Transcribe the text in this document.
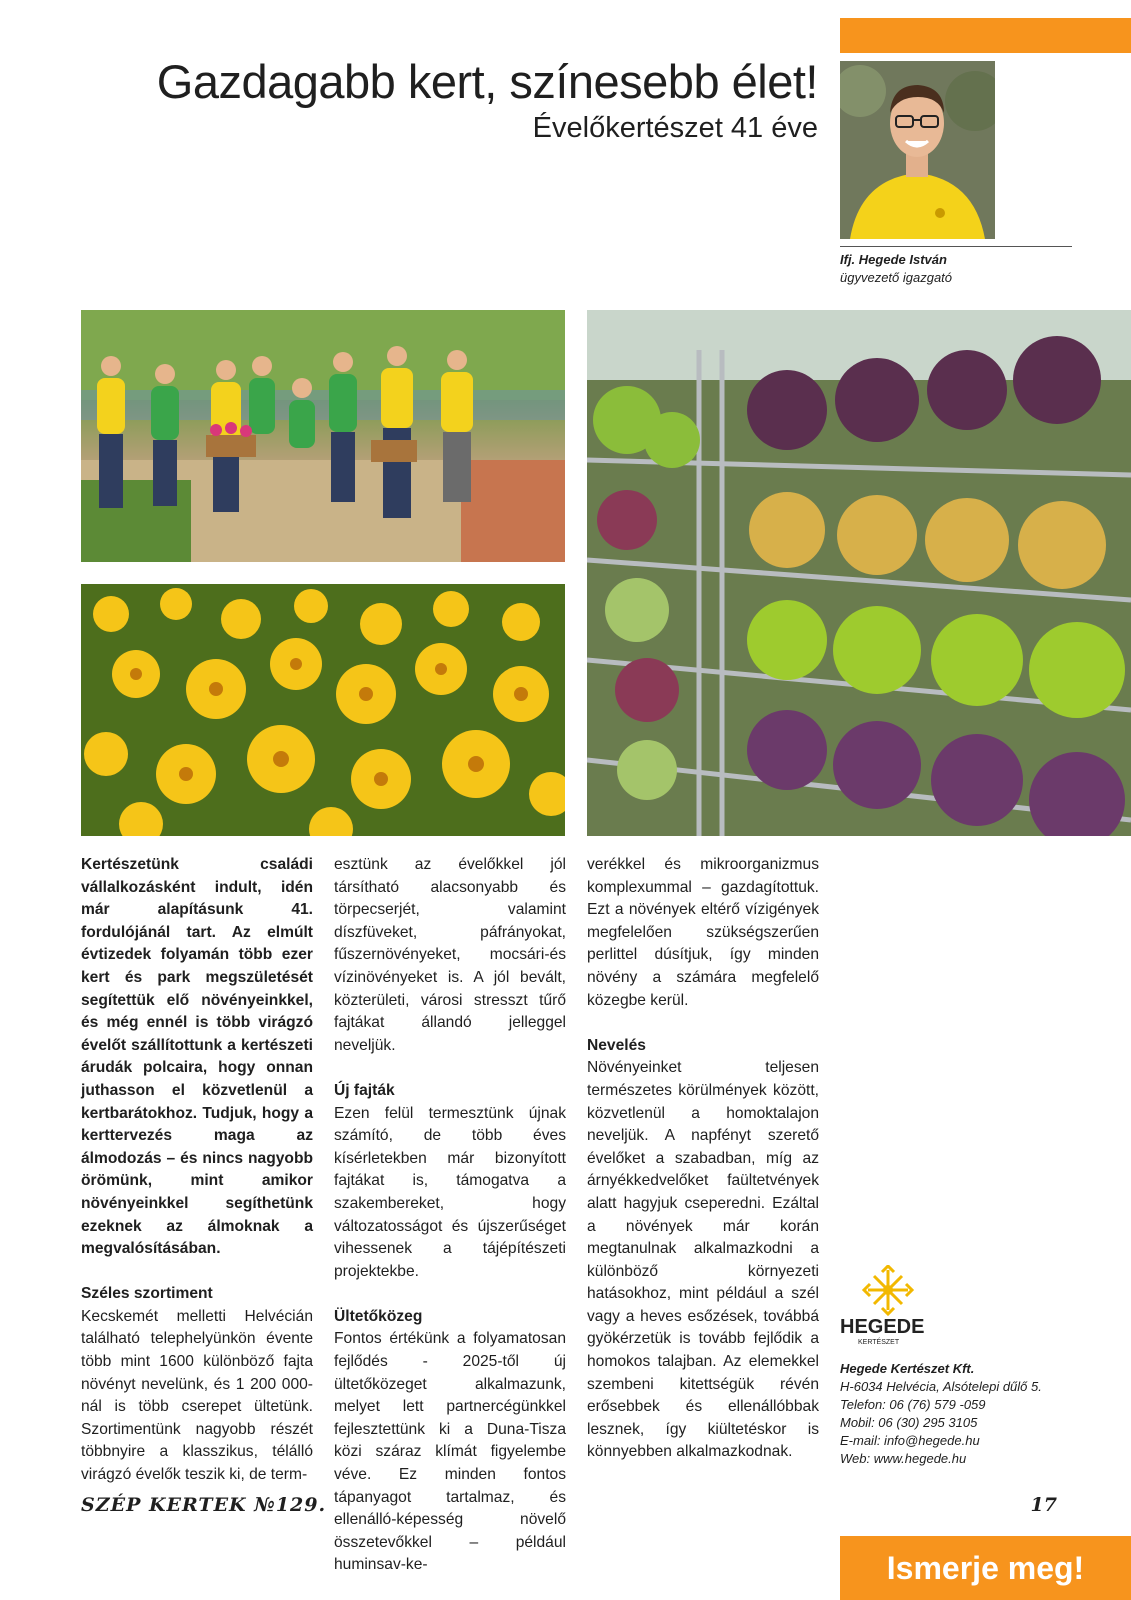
Gazdagabb kert, színesebb élet!
Évelőkertészet 41 éve
Ifj. Hegede István
ügyvezető igazgató

Kertészetünk családi vállalkozásként indult, idén már alapításunk 41. fordulójánál tart. Az elmúlt évtizedek folyamán több ezer kert és park megszületését segítettük elő növényeinkkel, és még ennél is több virágzó évelőt szállítottunk a kertészeti árudák polcaira, hogy onnan juthasson el közvetlenül a kertbarátokhoz. Tudjuk, hogy a kerttervezés maga az álmodozás – és nincs nagyobb örömünk, mint amikor növényeinkkel segíthetünk ezeknek az álmoknak a megvalósításában.

Széles szortiment

Kecskemét melletti Helvécián található telephelyünkön évente több mint 1600 különböző fajta növényt nevelünk, és 1 200 000-nál is több cserepet ültetünk. Szortimentünk nagyobb részét többnyire a klasszikus, télálló virágzó évelők teszik ki, de term-

esztünk az évelőkkel jól társítható alacsonyabb és törpecserjét, valamint díszfüveket, páfrányokat, fűszernövényeket, mocsári-és vízinövényeket is. A jól bevált, közterületi, városi stresszt tűrő fajtákat állandó jelleggel neveljük.

Új fajták

Ezen felül termesztünk újnak számító, de több éves kísérletekben már bizonyított fajtákat is, támogatva a szakembereket, hogy változatosságot és újszerűséget vihessenek a tájépítészeti projektekbe.

Ültetőközeg

Fontos értékünk a folyamatosan fejlődés - 2025-től új ültetőközeget alkalmazunk, melyet lett partnercégünkkel fejlesztettünk ki a Duna-Tisza közi száraz klímát figyelembe véve. Ez minden fontos tápanyagot tartalmaz, és ellenálló-képesség növelő összetevőkkel – például huminsav-ke-

verékkel és mikroorganizmus komplexummal – gazdagítottuk. Ezt a növények eltérő vízigények megfelelően szükségszerűen perlittel dúsítjuk, így minden növény a számára megfelelő közegbe kerül.

Nevelés

Növényeinket teljesen természetes körülmények között, közvetlenül a homoktalajon neveljük. A napfényt szerető évelőket a szabadban, míg az árnyékkedvelőket faültetvények alatt hagyjuk cseperedni. Ezáltal a növények már korán megtanulnak alkalmazkodni a különböző környezeti hatásokhoz, mint például a szél vagy a heves esőzések, továbbá gyökérzetük is tovább fejlődik a homokos talajban. Az elemekkel szembeni kitettségük révén erősebbek és ellenállóbbak lesznek, így kiültetéskor is könnyebben alkalmazkodnak.

HEGEDE
KERTÉSZET
Hegede Kertészet Kft.
H-6034 Helvécia, Alsótelepi dűlő 5.
Telefon: 06 (76) 579 -059
Mobil: 06 (30) 295 3105
E-mail: info@hegede.hu
Web: www.hegede.hu
SZÉP KERTEK №129.	17
Ismerje meg!
